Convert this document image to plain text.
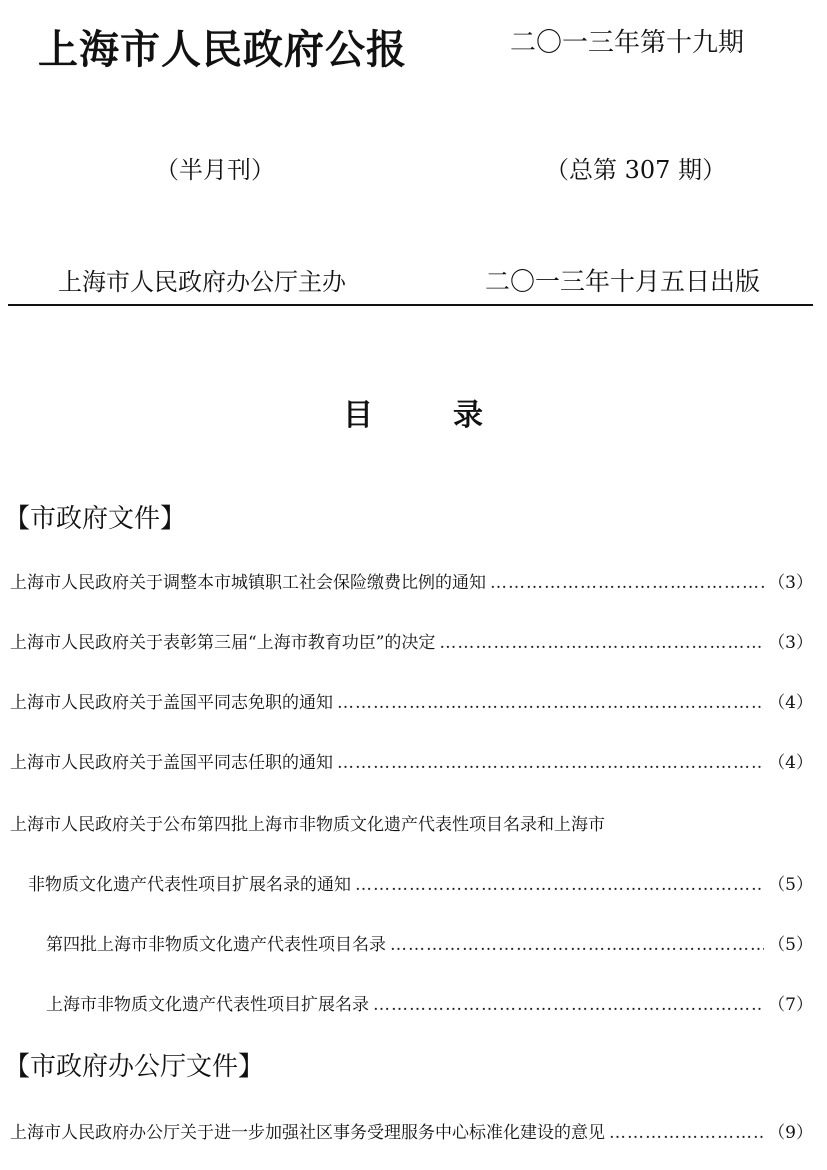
上海市人民政府公报	二〇一三年第十九期
（半月刊）	（总第 307 期）
上海市人民政府办公厅主办	二〇一三年十月五日出版
目录
【市政府文件】
上海市人民政府关于调整本市城镇职工社会保险缴费比例的通知 ……………………………………………………………………………………………………………………………………………………………	（3）
上海市人民政府关于表彰第三届“上海市教育功臣”的决定 ……………………………………………………………………………………………………………………………………………………………	（3）
上海市人民政府关于盖国平同志免职的通知 ……………………………………………………………………………………………………………………………………………………………	（4）
上海市人民政府关于盖国平同志任职的通知 ……………………………………………………………………………………………………………………………………………………………	（4）
上海市人民政府关于公布第四批上海市非物质文化遗产代表性项目名录和上海市
非物质文化遗产代表性项目扩展名录的通知 ……………………………………………………………………………………………………………………………………………………………	（5）
第四批上海市非物质文化遗产代表性项目名录 ……………………………………………………………………………………………………………………………………………………………	（5）
上海市非物质文化遗产代表性项目扩展名录 ……………………………………………………………………………………………………………………………………………………………	（7）
【市政府办公厅文件】
上海市人民政府办公厅关于进一步加强社区事务受理服务中心标准化建设的意见 ……………………………………………………………………………………………………………………………………………………………	（9）
